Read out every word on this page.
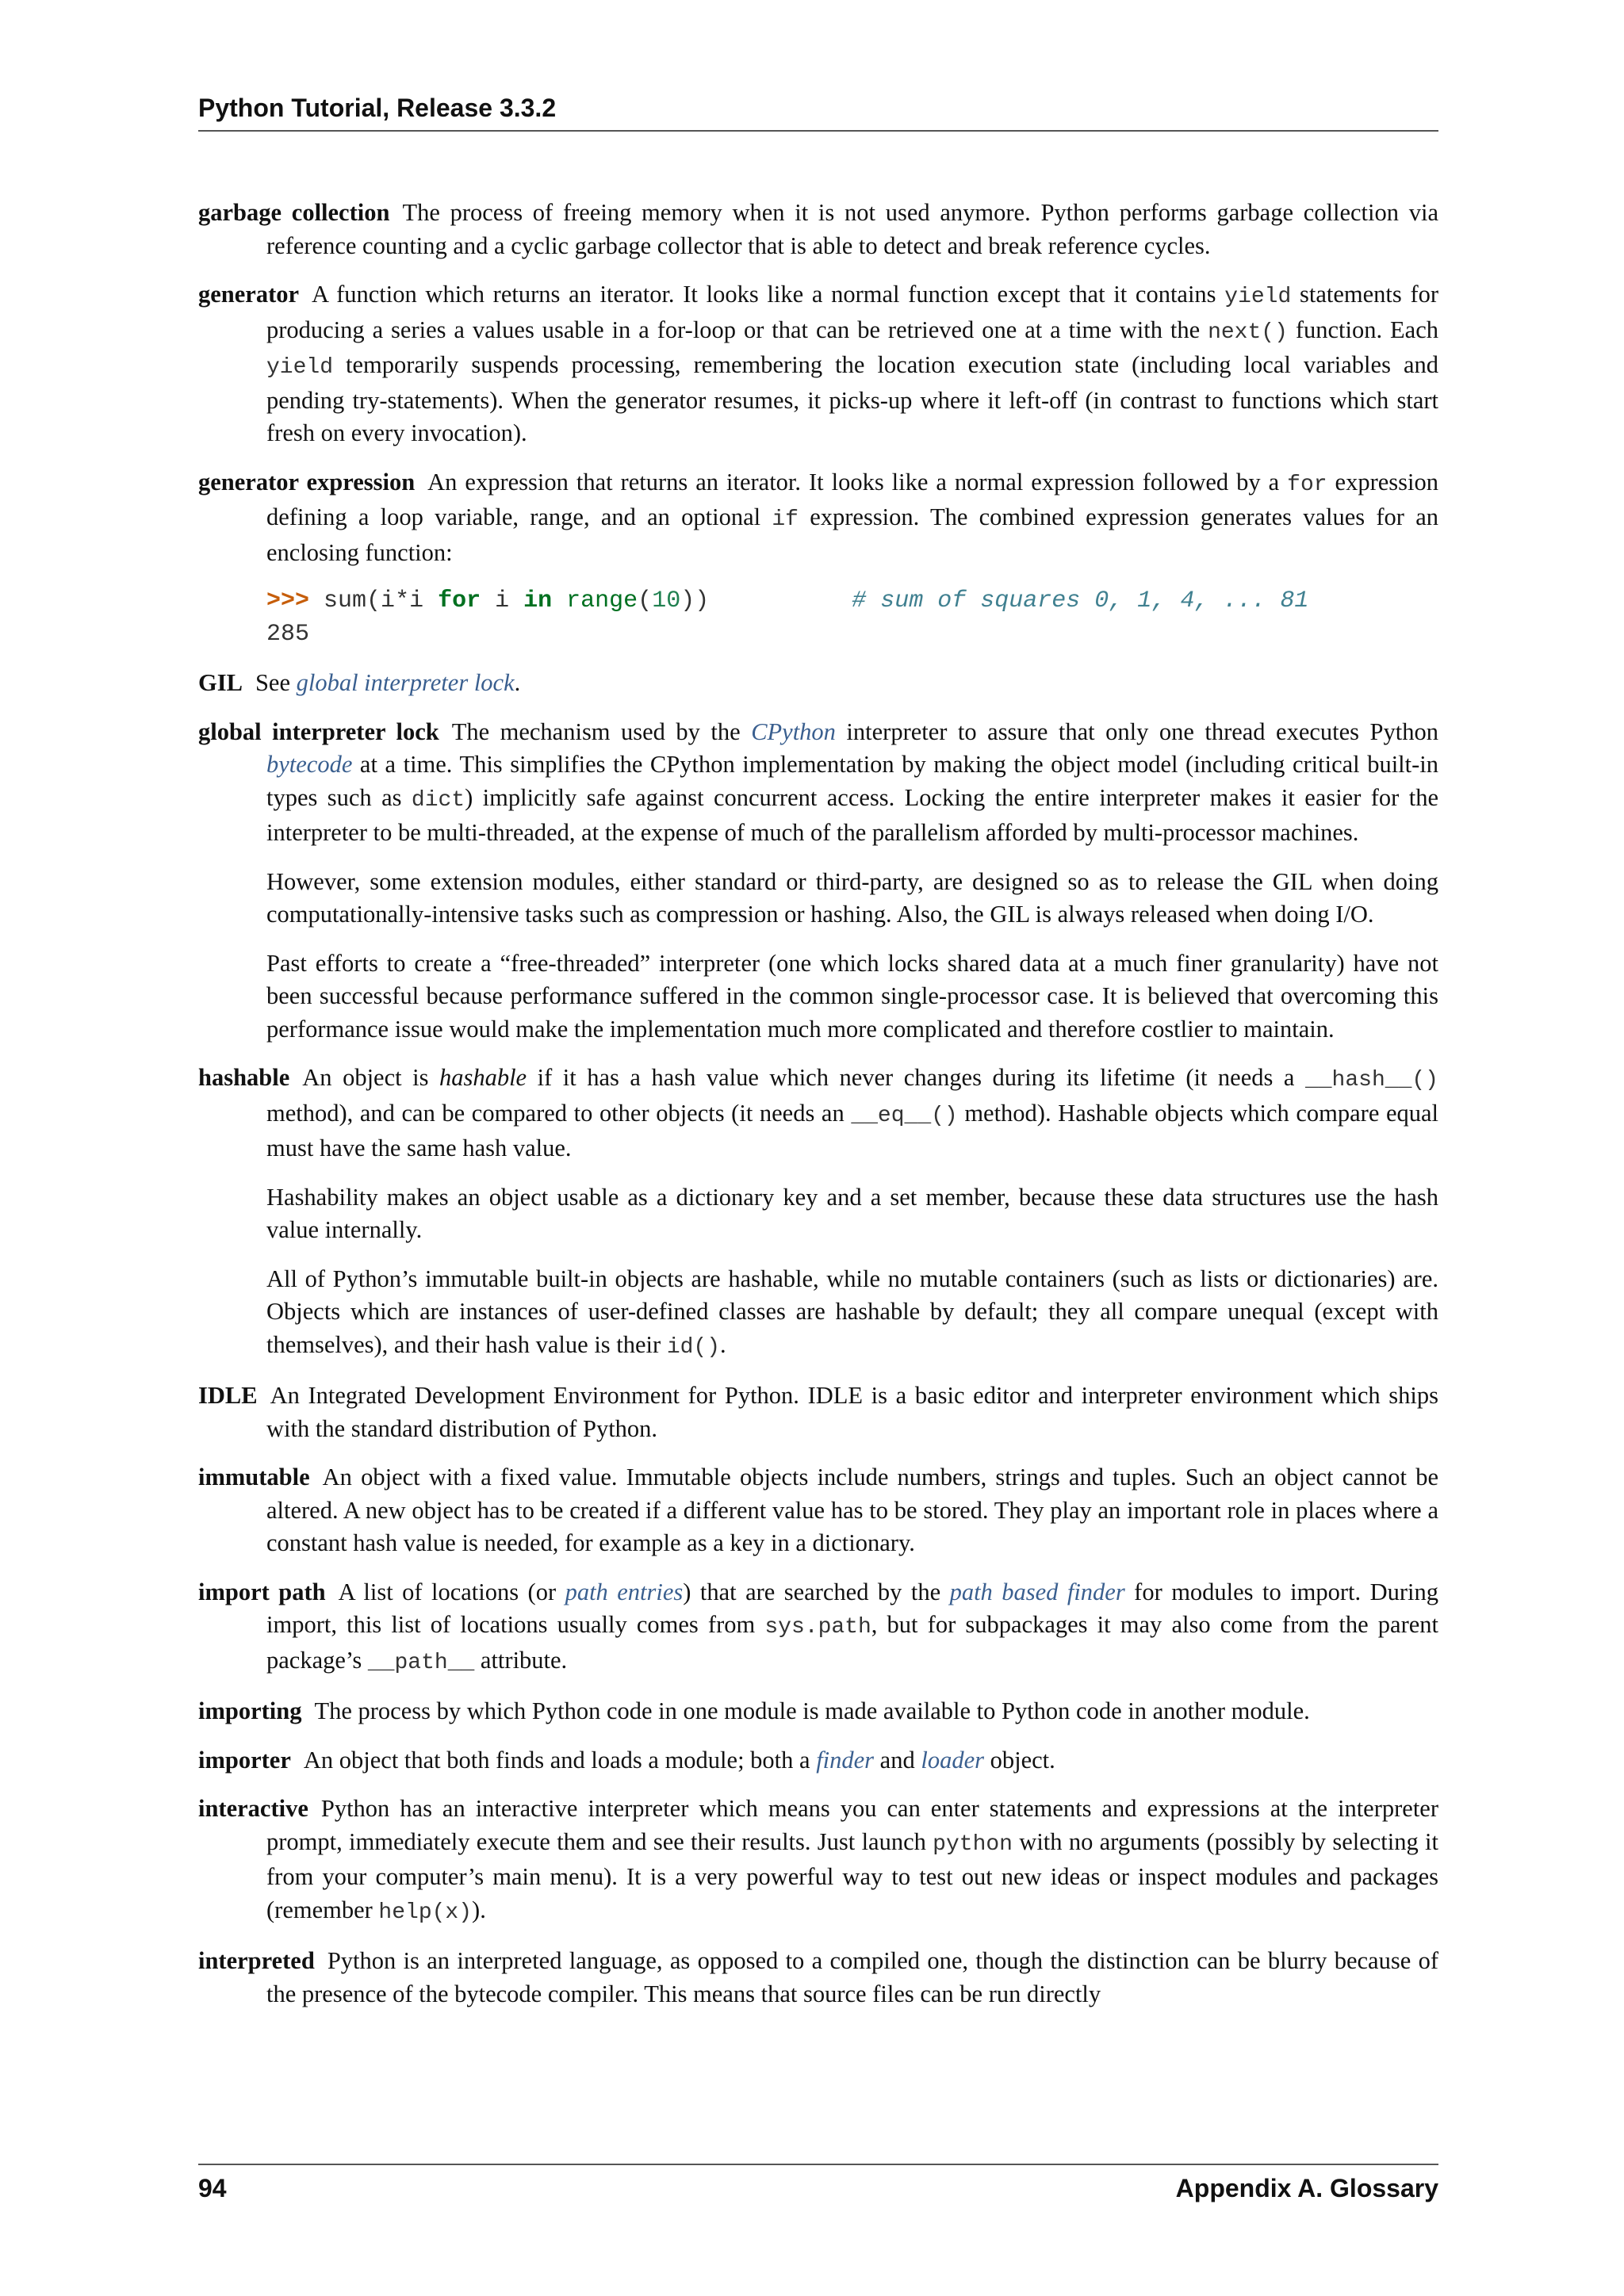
Python Tutorial, Release 3.3.2
garbage collection The process of freeing memory when it is not used anymore. Python performs garbage collection via reference counting and a cyclic garbage collector that is able to detect and break reference cycles.
generator A function which returns an iterator. It looks like a normal function except that it contains yield statements for producing a series a values usable in a for-loop or that can be retrieved one at a time with the next() function. Each yield temporarily suspends processing, remembering the location execution state (including local variables and pending try-statements). When the generator resumes, it picks-up where it left-off (in contrast to functions which start fresh on every invocation).
generator expression An expression that returns an iterator. It looks like a normal expression followed by a for expression defining a loop variable, range, and an optional if expression. The combined expression generates values for an enclosing function:
>>> sum(i*i for i in range(10))	# sum of squares 0, 1, 4, ... 81
285
GIL See global interpreter lock.
global interpreter lock The mechanism used by the CPython interpreter to assure that only one thread executes Python bytecode at a time. This simplifies the CPython implementation by making the object model (including critical built-in types such as dict) implicitly safe against concurrent access. Locking the entire interpreter makes it easier for the interpreter to be multi-threaded, at the expense of much of the parallelism afforded by multi-processor machines.
However, some extension modules, either standard or third-party, are designed so as to release the GIL when doing computationally-intensive tasks such as compression or hashing. Also, the GIL is always released when doing I/O.
Past efforts to create a “free-threaded” interpreter (one which locks shared data at a much finer granularity) have not been successful because performance suffered in the common single-processor case. It is believed that overcoming this performance issue would make the implementation much more complicated and therefore costlier to maintain.
hashable An object is hashable if it has a hash value which never changes during its lifetime (it needs a __hash__() method), and can be compared to other objects (it needs an __eq__() method). Hashable objects which compare equal must have the same hash value.
Hashability makes an object usable as a dictionary key and a set member, because these data structures use the hash value internally.
All of Python’s immutable built-in objects are hashable, while no mutable containers (such as lists or dictionaries) are. Objects which are instances of user-defined classes are hashable by default; they all compare unequal (except with themselves), and their hash value is their id().
IDLE An Integrated Development Environment for Python. IDLE is a basic editor and interpreter environment which ships with the standard distribution of Python.
immutable An object with a fixed value. Immutable objects include numbers, strings and tuples. Such an object cannot be altered. A new object has to be created if a different value has to be stored. They play an important role in places where a constant hash value is needed, for example as a key in a dictionary.
import path A list of locations (or path entries) that are searched by the path based finder for modules to import. During import, this list of locations usually comes from sys.path, but for subpackages it may also come from the parent package’s __path__ attribute.
importing The process by which Python code in one module is made available to Python code in another module.
importer An object that both finds and loads a module; both a finder and loader object.
interactive Python has an interactive interpreter which means you can enter statements and expressions at the interpreter prompt, immediately execute them and see their results. Just launch python with no arguments (possibly by selecting it from your computer’s main menu). It is a very powerful way to test out new ideas or inspect modules and packages (remember help(x)).
interpreted Python is an interpreted language, as opposed to a compiled one, though the distinction can be blurry because of the presence of the bytecode compiler. This means that source files can be run directly
94	Appendix A. Glossary
